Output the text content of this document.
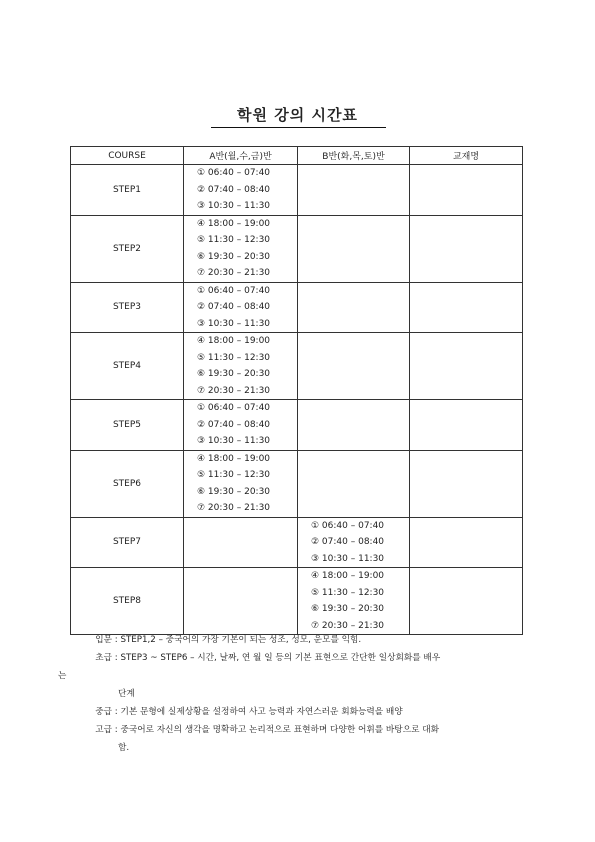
학원 강의 시간표
COURSE	A반(월,수,금)반	B반(화,목,토)반	교재명
STEP1	① 06:40 – 07:40
② 07:40 – 08:40
③ 10:30 – 11:30		

STEP2	④ 18:00 – 19:00
⑤ 11:30 – 12:30
⑥ 19:30 – 20:30
⑦ 20:30 – 21:30		

STEP3	① 06:40 – 07:40
② 07:40 – 08:40
③ 10:30 – 11:30		

STEP4	④ 18:00 – 19:00
⑤ 11:30 – 12:30
⑥ 19:30 – 20:30
⑦ 20:30 – 21:30		

STEP5	① 06:40 – 07:40
② 07:40 – 08:40
③ 10:30 – 11:30		

STEP6	④ 18:00 – 19:00
⑤ 11:30 – 12:30
⑥ 19:30 – 20:30
⑦ 20:30 – 21:30		

STEP7		① 06:40 – 07:40
② 07:40 – 08:40
③ 10:30 – 11:30	

STEP8		④ 18:00 – 19:00
⑤ 11:30 – 12:30
⑥ 19:30 – 20:30
⑦ 20:30 – 21:30	

입문 : STEP1,2 – 중국어의 가장 기본이 되는 성조, 성모, 운모를 익힘.
초급 : STEP3 ~ STEP6 – 시간, 날짜, 연 월 일 등의 기본 표현으로 간단한 일상회화를 배우
는
단계
중급 : 기본 문형에 실제상황을 설정하여 사고 능력과 자연스러운 회화능력을 배양
고급 : 중국어로 자신의 생각을 명확하고 논리적으로 표현하며 다양한 어휘를 바탕으로 대화
함.
